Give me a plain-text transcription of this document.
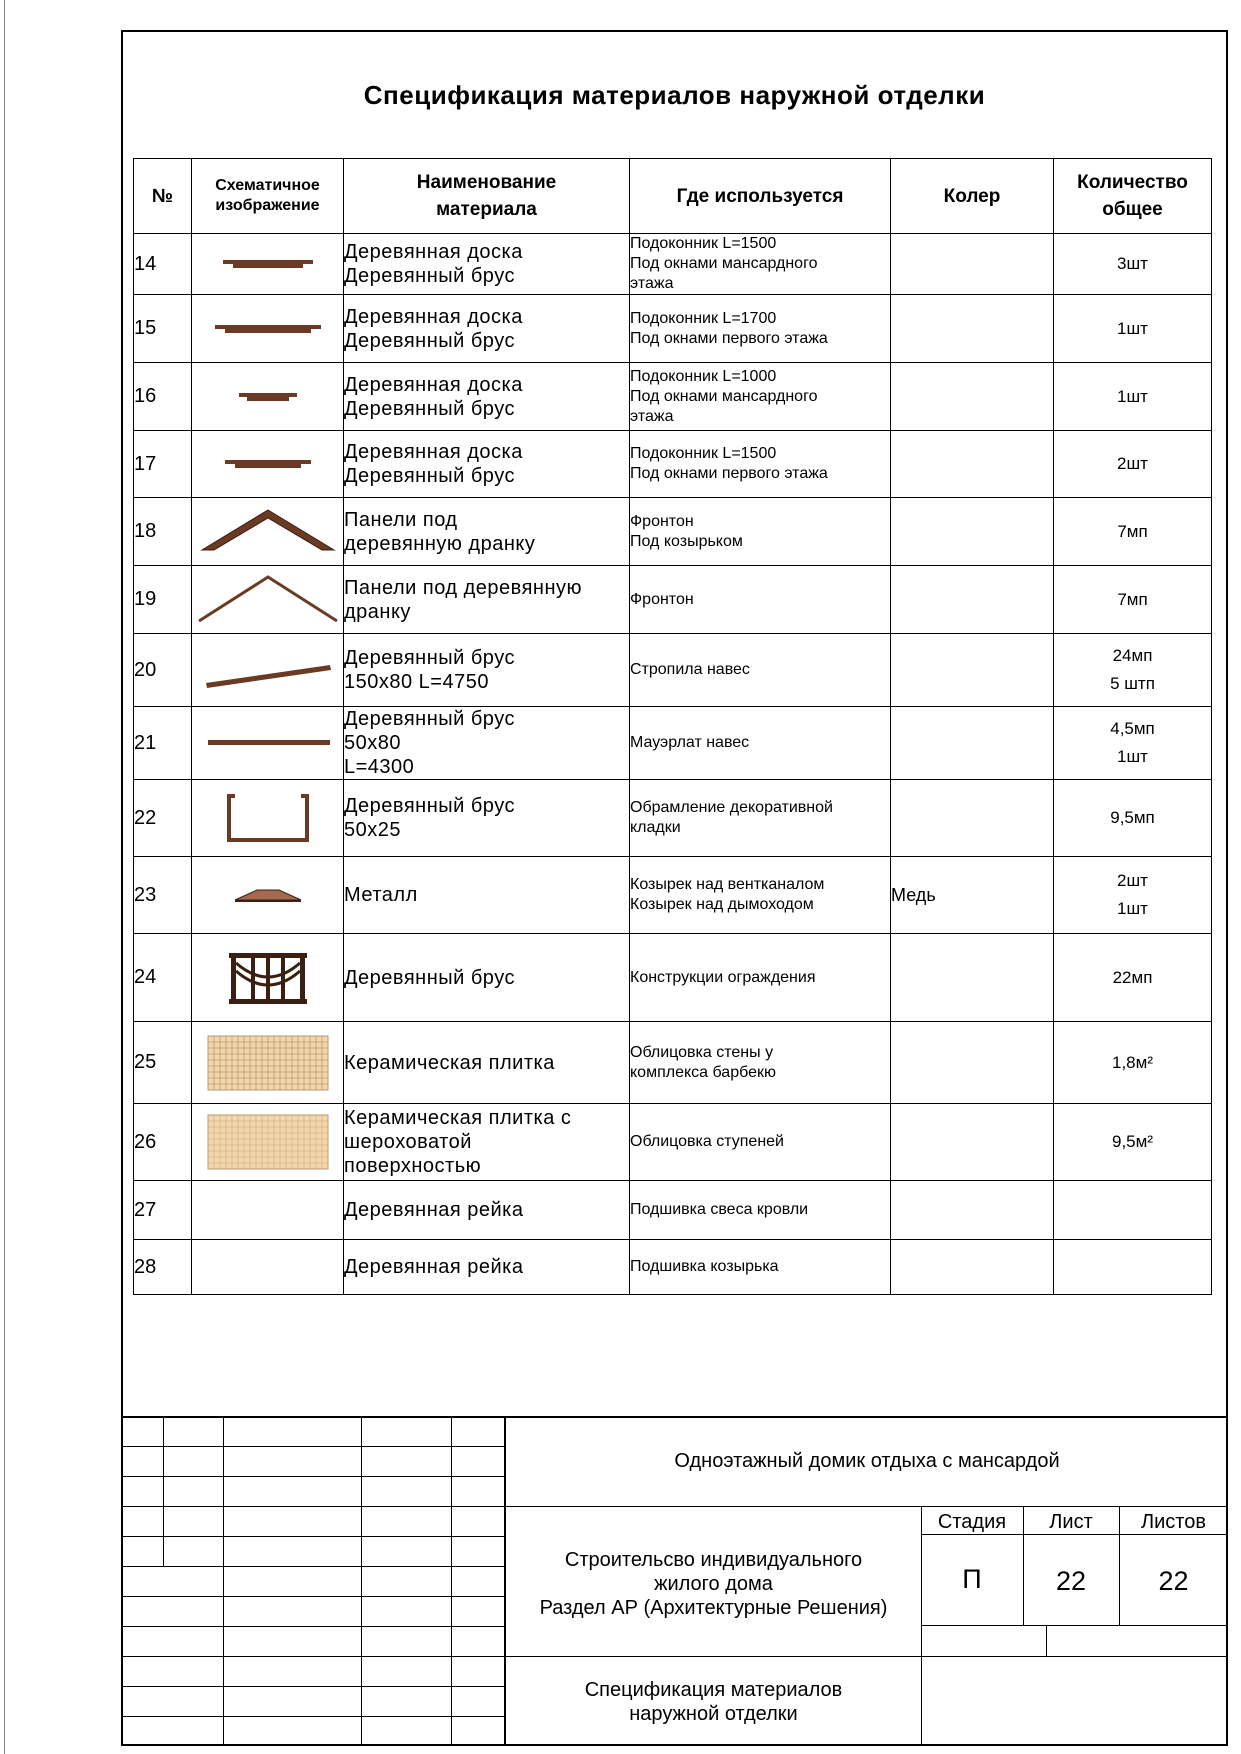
Спецификация материалов наружной отделки
№	Схематичное
изображение	Наименование
материала	Где используется	Колер	Количество
общее

14		Деревянная доска
Деревянный брус	Подоконник L=1500
Под окнами мансардного
этажа		3шт

15		Деревянная доска
Деревянный брус	Подоконник L=1700
Под окнами первого этажа		1шт

16		Деревянная доска
Деревянный брус	Подоконник L=1000
Под окнами мансардного
этажа		1шт

17		Деревянная доска
Деревянный брус	Подоконник L=1500
Под окнами первого этажа		2шт

18		Панели под
деревянную дранку	Фронтон
Под козырьком		7мп

19		Панели под деревянную
дранку	Фронтон		7мп

20		Деревянный брус
150x80 L=4750	Стропила навес		24мп
5 штп

21		Деревянный брус
50x80
L=4300	Мауэрлат навес		4,5мп
1шт

22		Деревянный брус
50x25	Обрамление декоративной
кладки		9,5мп

23		Металл	Козырек над вентканалом
Козырек над дымоходом	Медь	2шт
1шт

24		Деревянный брус	Конструкции ограждения		22мп

25		Керамическая плитка	Облицовка стены у
комплекса барбекю		1,8м²

26		Керамическая плитка с
шероховатой
поверхностью	Облицовка ступеней		9,5м²

27		Деревянная рейка	Подшивка свеса кровли		

28		Деревянная рейка	Подшивка козырька		

Одноэтажный домик отдыха с мансардой
Строительсво индивидуального
жилого дома
Раздел АР (Архитектурные Решения)
Стадия	Лист	Листов
П	22	22
Спецификация материалов
наружной отделки
